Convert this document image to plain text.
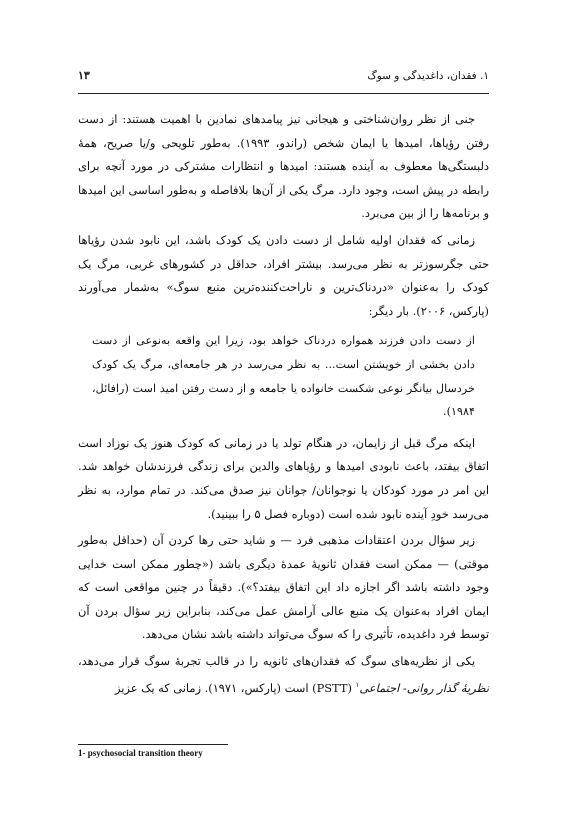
۱. فقدان، داغدیدگی و سوگ
۱۳

جنی از نظر روان‌شناختی و هیجانی نیز پیامدهای نمادین با اهمیت هستند: از دست رفتن رؤیاها، امیدها یا ایمان شخص (راندو، ۱۹۹۳). به‌طور تلویحی و/یا صریح، همهٔ دلبستگی‌ها معطوف به آینده هستند: امیدها و انتظارات مشترکی در مورد آنچه برای رابطه در پیش است، وجود دارد. مرگ یکی از آن‌ها بلافاصله و به‌طور اساسی این امیدها و برنامه‌ها را از بین می‌برد.

زمانی که فقدان اولیه شامل از دست دادن یک کودک باشد، این نابود شدن رؤیاها حتی جگرسوزتر به نظر می‌رسد. بیشتر افراد، حداقل در کشورهای غربی، مرگ یک کودک را به‌عنوان «دردناک‌ترین و ناراحت‌کننده‌ترین منبع سوگ» به‌شمار می‌آورند (پارکس، ۲۰۰۶). بار دیگر:

از دست دادن فرزند همواره دردناک خواهد بود، زیرا این واقعه به‌نوعی از دست دادن بخشی از خویشتن است... به نظر می‌رسد در هر جامعه‌ای، مرگ یک کودک خردسال بیانگر نوعی شکست خانواده یا جامعه و از دست رفتن امید است (رافائل، ۱۹۸۴).

اینکه مرگ قبل از زایمان، در هنگام تولد یا در زمانی که کودک هنوز یک نوزاد است اتفاق بیفتد، باعث نابودی امیدها و رؤیاهای والدین برای زندگی فرزندشان خواهد شد. این امر در مورد کودکان یا نوجوانان/ جوانان نیز صدق می‌کند. در تمام موارد، به نظر می‌رسد خودِ آینده نابود شده است (دوباره فصل ۵ را ببینید).

زیر سؤال بردن اعتقادات مذهبی فرد — و شاید حتی رها کردن آن (حداقل به‌طور موقتی) — ممکن است فقدان ثانویهٔ عمدهٔ دیگری باشد («چطور ممکن است خدایی وجود داشته باشد اگر اجازه داد این اتفاق بیفتد؟»). دقیقاً در چنین مواقعی است که ایمان افراد به‌عنوان یک منبع عالی آرامش عمل می‌کند، بنابراین زیر سؤال بردن آن توسط فرد داغدیده، تأثیری را که سوگ می‌تواند داشته باشد نشان می‌دهد.

یکی از نظریه‌های سوگ که فقدان‌های ثانویه را در قالب تجربهٔ سوگ قرار می‌دهد، نظریهٔ گذار روانی- اجتماعی$^۱$ (PSTT) است (پارکس، ۱۹۷۱). زمانی که یک عزیز

1- psychosocial transition theory
